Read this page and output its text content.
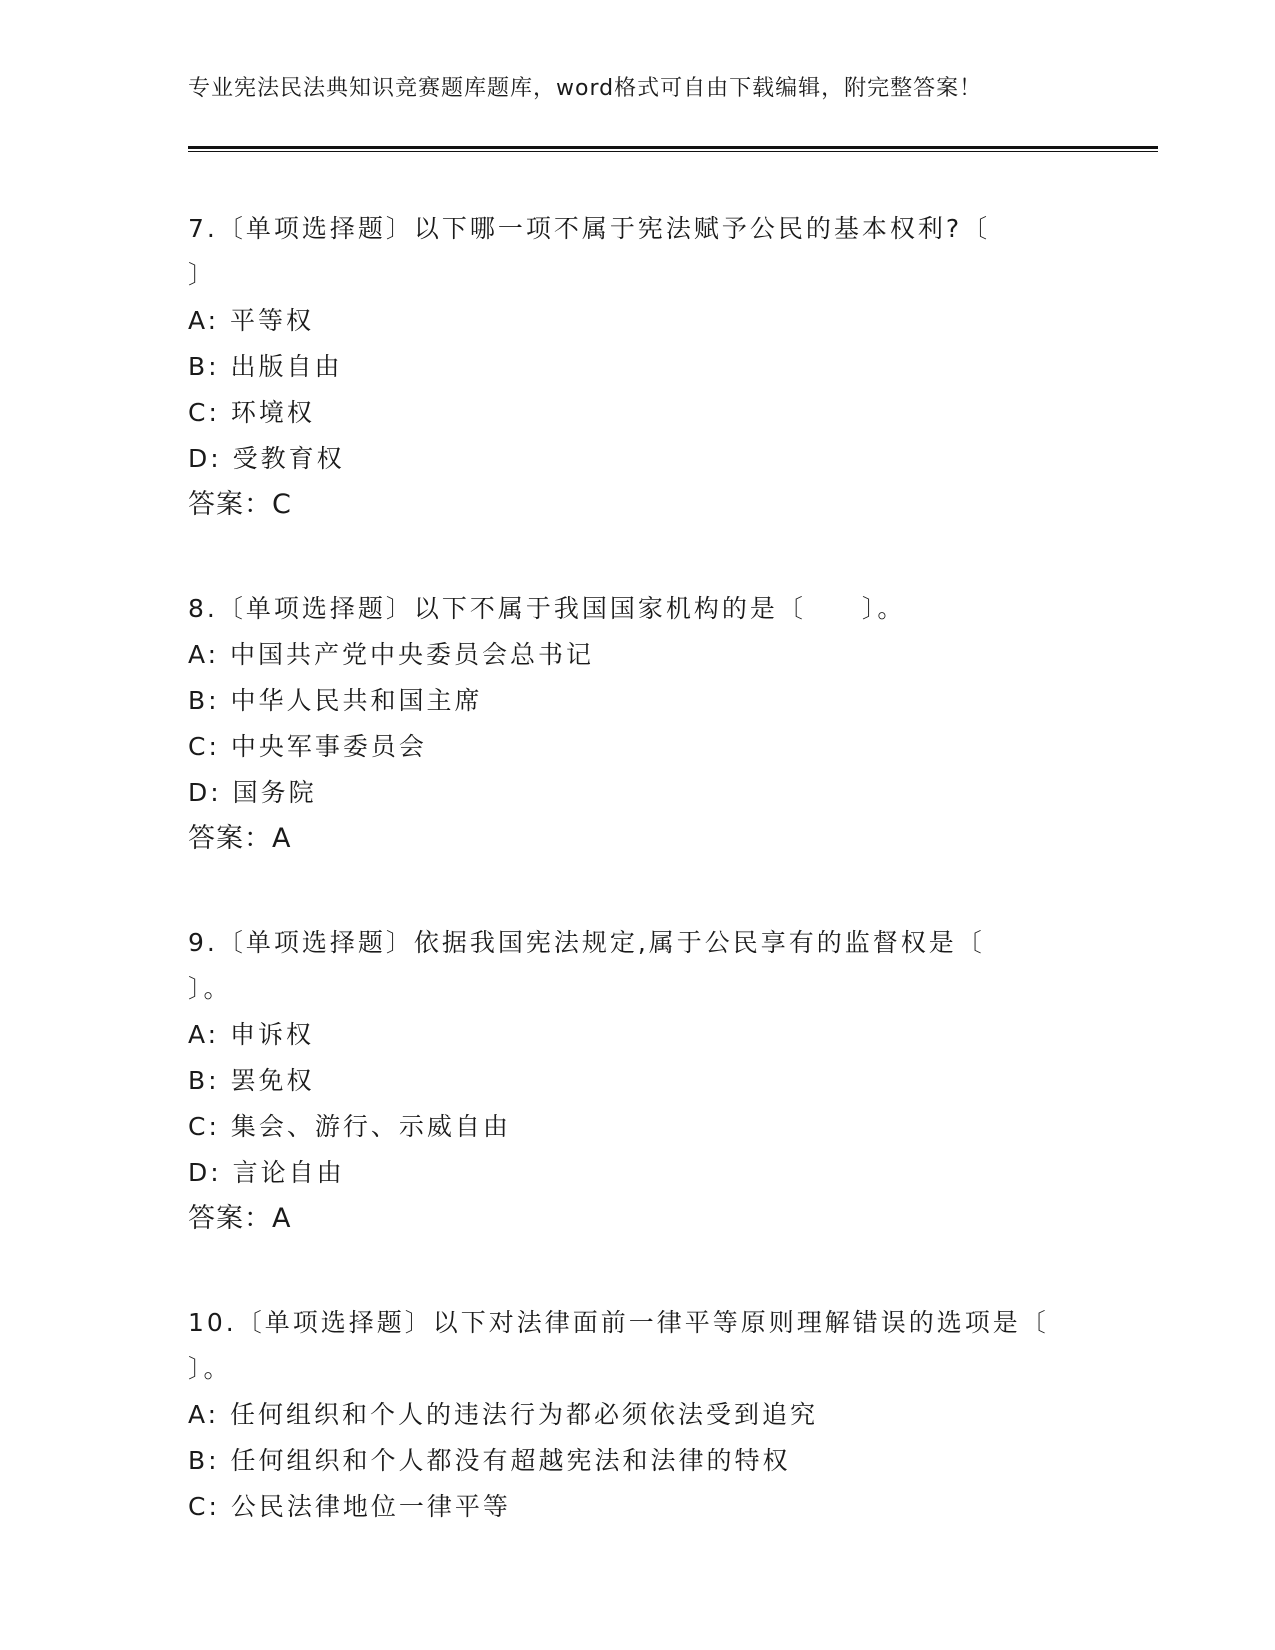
专业宪法民法典知识竞赛题库题库，word格式可自由下载编辑，附完整答案！

7.〔单项选择题〕以下哪一项不属于宪法赋予公民的基本权利?〔

〕

A: 平等权

B: 出版自由

C: 环境权

D: 受教育权

答案：C

8.〔单项选择题〕以下不属于我国国家机构的是〔　　〕。

A: 中国共产党中央委员会总书记

B: 中华人民共和国主席

C: 中央军事委员会

D: 国务院

答案：A

9.〔单项选择题〕依据我国宪法规定,属于公民享有的监督权是〔

〕。

A: 申诉权

B: 罢免权

C: 集会、游行、示威自由

D: 言论自由

答案：A

10.〔单项选择题〕以下对法律面前一律平等原则理解错误的选项是〔

〕。

A: 任何组织和个人的违法行为都必须依法受到追究

B: 任何组织和个人都没有超越宪法和法律的特权

C: 公民法律地位一律平等
